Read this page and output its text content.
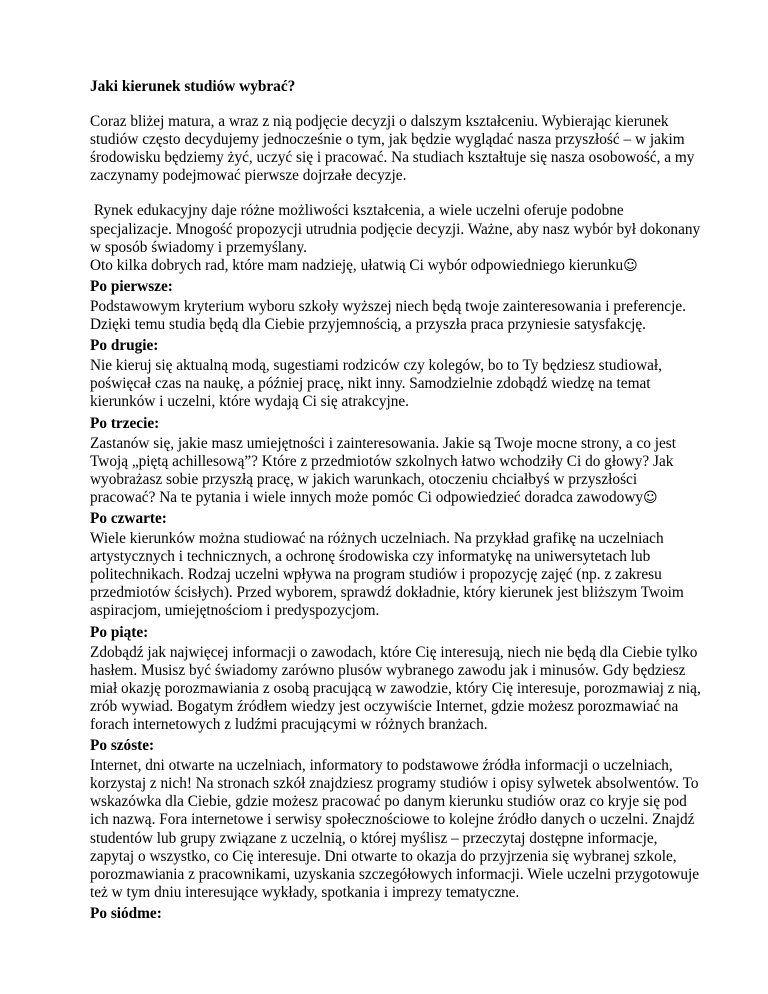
Jaki kierunek studiów wybrać?

Coraz bliżej matura, a wraz z nią podjęcie decyzji o dalszym kształceniu. Wybierając kierunek studiów często decydujemy jednocześnie o tym, jak będzie wyglądać nasza przyszłość – w jakim środowisku będziemy żyć, uczyć się i pracować. Na studiach kształtuje się nasza osobowość, a my zaczynamy podejmować pierwsze dojrzałe decyzje.

Rynek edukacyjny daje różne możliwości kształcenia, a wiele uczelni oferuje podobne specjalizacje. Mnogość propozycji utrudnia podjęcie decyzji. Ważne, aby nasz wybór był dokonany w sposób świadomy i przemyślany.

Oto kilka dobrych rad, które mam nadzieję, ułatwią Ci wybór odpowiedniego kierunku☺

Po pierwsze:

Podstawowym kryterium wyboru szkoły wyższej niech będą twoje zainteresowania i preferencje. Dzięki temu studia będą dla Ciebie przyjemnością, a przyszła praca przyniesie satysfakcję.

Po drugie:

Nie kieruj się aktualną modą, sugestiami rodziców czy kolegów, bo to Ty będziesz studiował, poświęcał czas na naukę, a później pracę, nikt inny. Samodzielnie zdobądź wiedzę na temat kierunków i uczelni, które wydają Ci się atrakcyjne.

Po trzecie:

Zastanów się, jakie masz umiejętności i zainteresowania. Jakie są Twoje mocne strony, a co jest Twoją „piętą achillesową”? Które z przedmiotów szkolnych łatwo wchodziły Ci do głowy? Jak wyobrażasz sobie przyszłą pracę, w jakich warunkach, otoczeniu chciałbyś w przyszłości pracować? Na te pytania i wiele innych może pomóc Ci odpowiedzieć doradca zawodowy☺

Po czwarte:

Wiele kierunków można studiować na różnych uczelniach. Na przykład grafikę na uczelniach artystycznych i technicznych, a ochronę środowiska czy informatykę na uniwersytetach lub politechnikach. Rodzaj uczelni wpływa na program studiów i propozycję zajęć (np. z zakresu przedmiotów ścisłych). Przed wyborem, sprawdź dokładnie, który kierunek jest bliższym Twoim aspiracjom, umiejętnościom i predyspozycjom.

Po piąte:

Zdobądź jak najwięcej informacji o zawodach, które Cię interesują, niech nie będą dla Ciebie tylko hasłem. Musisz być świadomy zarówno plusów wybranego zawodu jak i minusów. Gdy będziesz miał okazję porozmawiania z osobą pracującą w zawodzie, który Cię interesuje, porozmawiaj z nią, zrób wywiad. Bogatym źródłem wiedzy jest oczywiście Internet, gdzie możesz porozmawiać na forach internetowych z ludźmi pracującymi w różnych branżach.

Po szóste:

Internet, dni otwarte na uczelniach, informatory to podstawowe źródła informacji o uczelniach, korzystaj z nich! Na stronach szkół znajdziesz programy studiów i opisy sylwetek absolwentów. To wskazówka dla Ciebie, gdzie możesz pracować po danym kierunku studiów oraz co kryje się pod ich nazwą. Fora internetowe i serwisy społecznościowe to kolejne źródło danych o uczelni. Znajdź studentów lub grupy związane z uczelnią, o której myślisz – przeczytaj dostępne informacje, zapytaj o wszystko, co Cię interesuje. Dni otwarte to okazja do przyjrzenia się wybranej szkole, porozmawiania z pracownikami, uzyskania szczegółowych informacji. Wiele uczelni przygotowuje też w tym dniu interesujące wykłady, spotkania i imprezy tematyczne.

Po siódme:
